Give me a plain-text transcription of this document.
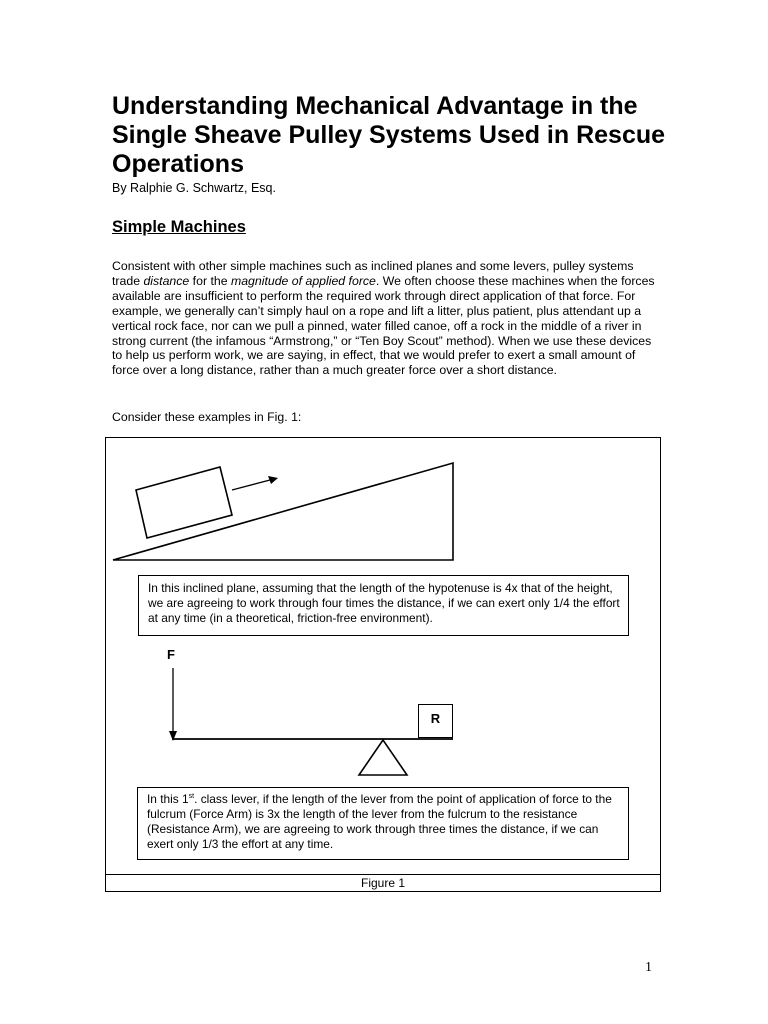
Understanding Mechanical Advantage in the Single Sheave Pulley Systems Used in Rescue Operations

By Ralphie G. Schwartz, Esq.

Simple Machines

Consistent with other simple machines such as inclined planes and some levers, pulley systems trade distance for the magnitude of applied force. We often choose these machines when the forces available are insufficient to perform the required work through direct application of that force. For example, we generally can’t simply haul on a rope and lift a litter, plus patient, plus attendant up a vertical rock face, nor can we pull a pinned, water filled canoe, off a rock in the middle of a river in strong current (the infamous “Armstrong,” or “Ten Boy Scout” method). When we use these devices to help us perform work, we are saying, in effect, that we would prefer to exert a small amount of force over a long distance, rather than a much greater force over a short distance.

Consider these examples in Fig. 1:

In this inclined plane, assuming that the length of the hypotenuse is 4x that of the height, we are agreeing to work through four times the distance, if we can exert only 1/4 the effort at any time (in a theoretical, friction-free environment).
F
R
In this 1st. class lever, if the length of the lever from the point of application of force to the fulcrum (Force Arm) is 3x the length of the lever from the fulcrum to the resistance (Resistance Arm), we are agreeing to work through three times the distance, if we can exert only 1/3 the effort at any time.
Figure 1
1
